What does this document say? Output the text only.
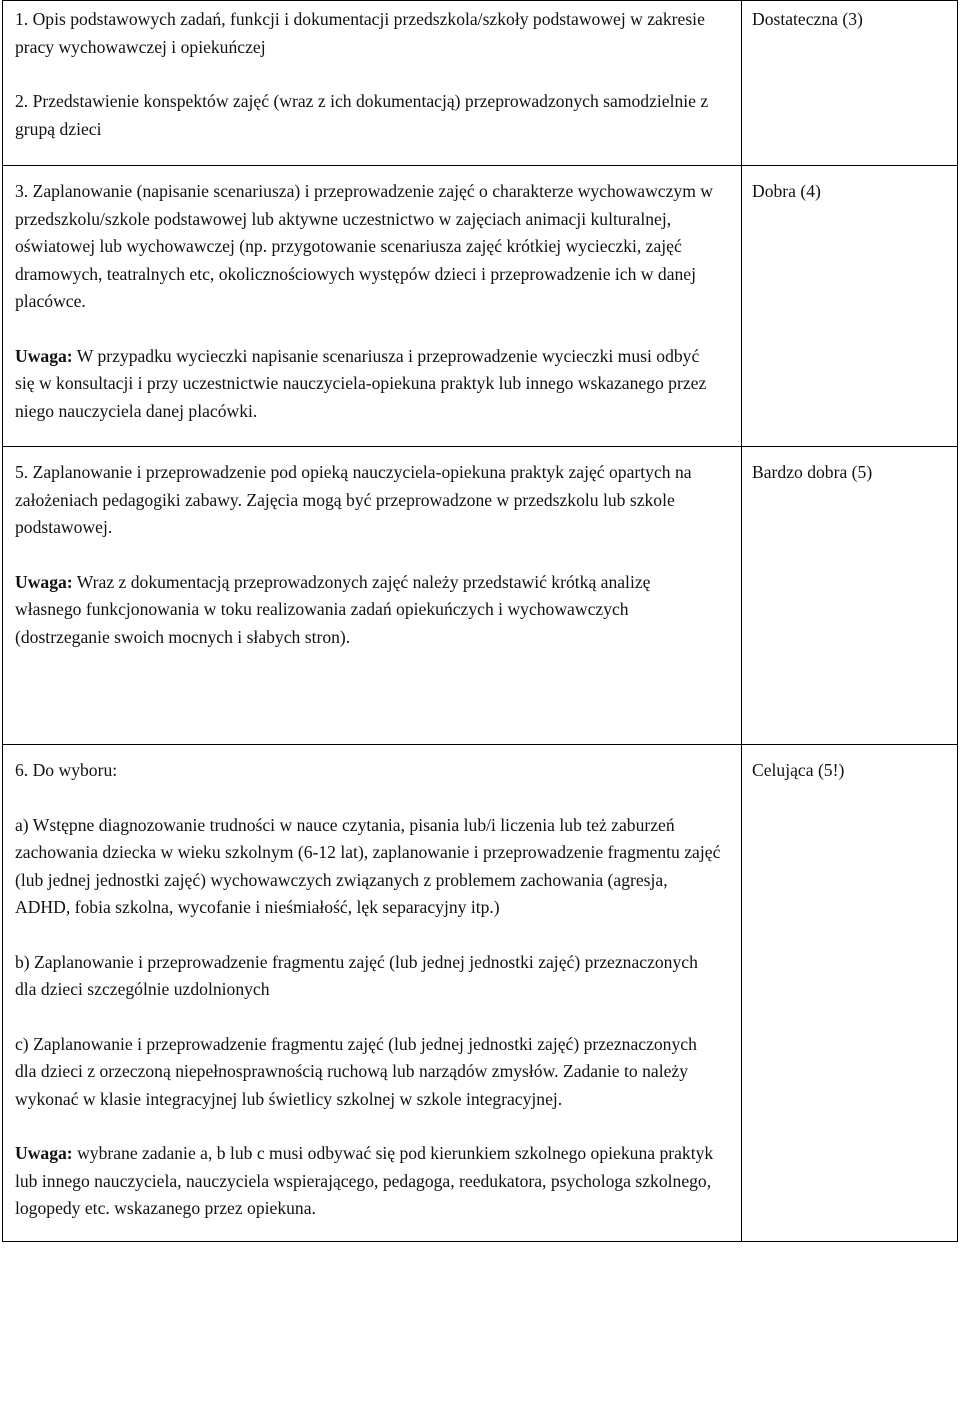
1. Opis podstawowych zadań, funkcji i dokumentacji przedszkola/szkoły podstawowej w zakresie pracy wychowawczej i opiekuńczej

2. Przedstawienie konspektów zajęć (wraz z ich dokumentacją) przeprowadzonych samodzielnie z grupą dzieci	Dostateczna (3)

3. Zaplanowanie (napisanie scenariusza) i przeprowadzenie zajęć o charakterze wychowawczym w przedszkolu/szkole podstawowej lub aktywne uczestnictwo w zajęciach animacji kulturalnej, oświatowej lub wychowawczej (np. przygotowanie scenariusza zajęć krótkiej wycieczki, zajęć dramowych, teatralnych etc, okolicznościowych występów dzieci i przeprowadzenie ich w danej placówce.

Uwaga: W przypadku wycieczki napisanie scenariusza i przeprowadzenie wycieczki musi odbyć się w konsultacji i przy uczestnictwie nauczyciela-opiekuna praktyk lub innego wskazanego przez niego nauczyciela danej placówki.	Dobra (4)

5. Zaplanowanie i przeprowadzenie pod opieką nauczyciela-opiekuna praktyk zajęć opartych na założeniach pedagogiki zabawy. Zajęcia mogą być przeprowadzone w przedszkolu lub szkole podstawowej.

Uwaga: Wraz z dokumentacją przeprowadzonych zajęć należy przedstawić krótką analizę własnego funkcjonowania w toku realizowania zadań opiekuńczych i wychowawczych (dostrzeganie swoich mocnych i słabych stron).	Bardzo dobra (5)

6. Do wyboru:

a) Wstępne diagnozowanie trudności w nauce czytania, pisania lub/i liczenia lub też zaburzeń zachowania dziecka w wieku szkolnym (6-12 lat), zaplanowanie i przeprowadzenie fragmentu zajęć (lub jednej jednostki zajęć) wychowawczych związanych z problemem zachowania (agresja, ADHD, fobia szkolna, wycofanie i nieśmiałość, lęk separacyjny itp.)

b) Zaplanowanie i przeprowadzenie fragmentu zajęć (lub jednej jednostki zajęć) przeznaczonych dla dzieci szczególnie uzdolnionych

c) Zaplanowanie i przeprowadzenie fragmentu zajęć (lub jednej jednostki zajęć) przeznaczonych dla dzieci z orzeczoną niepełnosprawnością ruchową lub narządów zmysłów. Zadanie to należy wykonać w klasie integracyjnej lub świetlicy szkolnej w szkole integracyjnej.

Uwaga: wybrane zadanie a, b lub c musi odbywać się pod kierunkiem szkolnego opiekuna praktyk lub innego nauczyciela, nauczyciela wspierającego, pedagoga, reedukatora, psychologa szkolnego, logopedy etc. wskazanego przez opiekuna.	Celująca (5!)
